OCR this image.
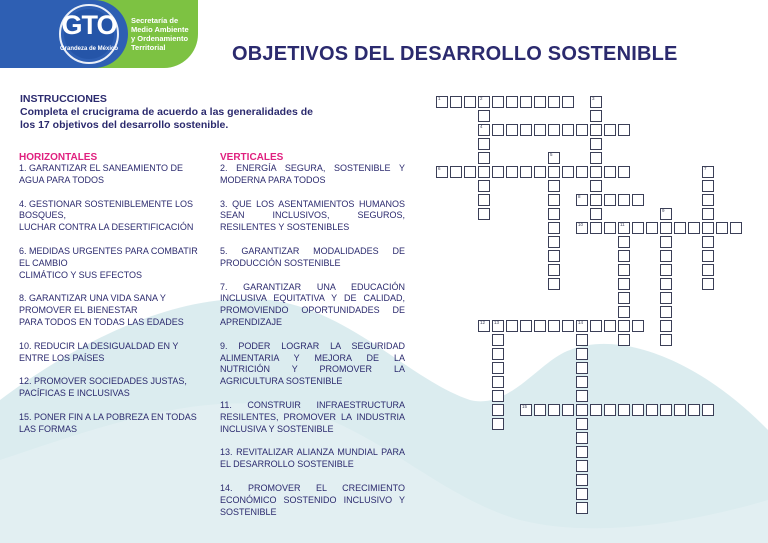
GTO
Grandeza de México
Secretaría de
Medio Ambiente
y Ordenamiento
Territorial	OBJETIVOS DEL DESARROLLO SOSTENIBLE
INSTRUCCIONES
Completa el crucigrama de acuerdo a las generalidades de los 17 objetivos del desarrollo sostenible.
HORIZONTALES
1. GARANTIZAR EL SANEAMIENTO DE AGUA PARA TODOS
4. GESTIONAR SOSTENIBLEMENTE LOS BOSQUES,
LUCHAR CONTRA LA DESERTIFICACIÓN
6. MEDIDAS URGENTES PARA COMBATIR EL CAMBIO
CLIMÁTICO Y SUS EFECTOS
8. GARANTIZAR UNA VIDA SANA Y PROMOVER EL BIENESTAR
PARA TODOS EN TODAS LAS EDADES
10. REDUCIR LA DESIGUALDAD EN Y ENTRE LOS PAÍSES
12. PROMOVER SOCIEDADES JUSTAS, PACÍFICAS E INCLUSIVAS
15. PONER FIN A LA POBREZA EN TODAS LAS FORMAS
VERTICALES
2. ENERGÍA SEGURA, SOSTENIBLE Y MODERNA PARA TODOS
3. QUE LOS ASENTAMIENTOS HUMANOS SEAN INCLUSIVOS, SEGUROS, RESILENTES Y SOSTENIBLES
5. GARANTIZAR MODALIDADES DE PRODUCCIÓN SOSTENIBLE
7. GARANTIZAR UNA EDUCACIÓN INCLUSIVA EQUITATIVA Y DE CALIDAD, PROMOVIENDO OPORTUNIDADES DE APRENDIZAJE
9. PODER LOGRAR LA SEGURIDAD ALIMENTARIA Y MEJORA DE LA NUTRICIÓN Y PROMOVER LA AGRICULTURA SOSTENIBLE
11. CONSTRUIR INFRAESTRUCTURA RESILENTES, PROMOVER LA INDUSTRIA INCLUSIVA Y SOSTENIBLE
13. REVITALIZAR ALIANZA MUNDIAL PARA EL DESARROLLO SOSTENIBLE
14. PROMOVER EL CRECIMIENTO ECONÓMICO SOSTENIDO INCLUSIVO Y SOSTENIBLE
1	2
4
3
5
6	7
8
9
10	11
12 13	14
15
